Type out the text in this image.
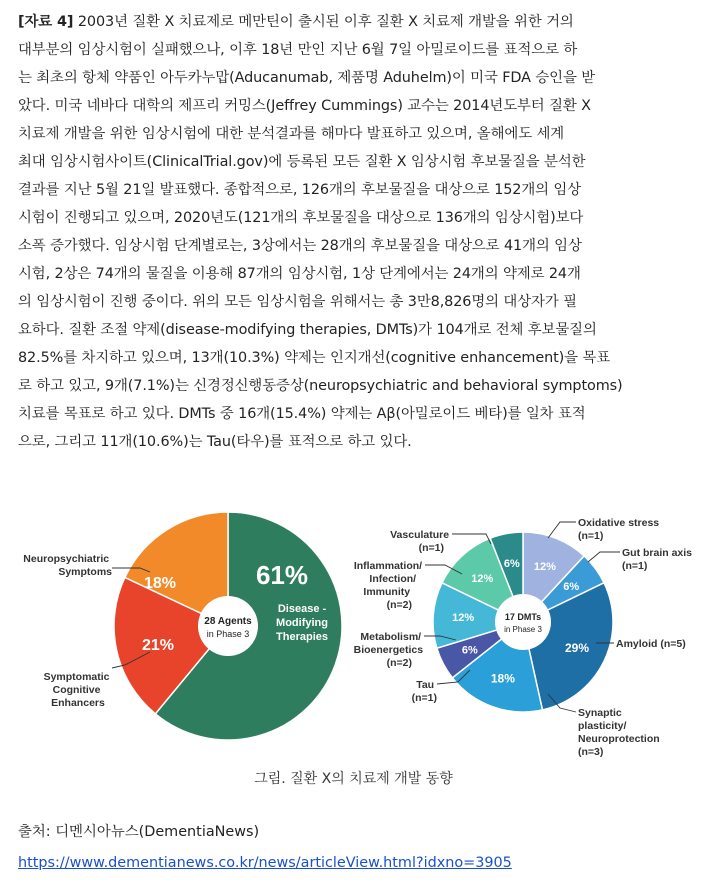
[자료 4] 2003년 질환 X 치료제로 메만틴이 출시된 이후 질환 X 치료제 개발을 위한 거의
대부분의 임상시험이 실패했으나, 이후 18년 만인 지난 6월 7일 아밀로이드를 표적으로 하
는 최초의 항체 약품인 아두카누맙(Aducanumab, 제품명 Aduhelm)이 미국 FDA 승인을 받
았다. 미국 네바다 대학의 제프리 커밍스(Jeffrey Cummings) 교수는 2014년도부터 질환 X
치료제 개발을 위한 임상시험에 대한 분석결과를 해마다 발표하고 있으며, 올해에도 세계
최대 임상시험사이트(ClinicalTrial.gov)에 등록된 모든 질환 X 임상시험 후보물질을 분석한
결과를 지난 5월 21일 발표했다. 종합적으로, 126개의 후보물질을 대상으로 152개의 임상
시험이 진행되고 있으며, 2020년도(121개의 후보물질을 대상으로 136개의 임상시험)보다
소폭 증가했다. 임상시험 단계별로는, 3상에서는 28개의 후보물질을 대상으로 41개의 임상
시험, 2상은 74개의 물질을 이용해 87개의 임상시험, 1상 단계에서는 24개의 약제로 24개
의 임상시험이 진행 중이다. 위의 모든 임상시험을 위해서는 총 3만8,826명의 대상자가 필
요하다. 질환 조절 약제(disease-modifying therapies, DMTs)가 104개로 전체 후보물질의
82.5%를 차지하고 있으며, 13개(10.3%) 약제는 인지개선(cognitive enhancement)을 목표
로 하고 있고, 9개(7.1%)는 신경정신행동증상(neuropsychiatric and behavioral symptoms)
치료를 목표로 하고 있다. DMTs 중 16개(15.4%) 약제는 Aβ(아밀로이드 베타)를 일차 표적
으로, 그리고 11개(10.6%)는 Tau(타우)를 표적으로 하고 있다.
61%
21%
18%
28 Agents
in Phase 3
Disease -
Modifying
Therapies
12%
6%
29%
18%
6%
12%
12%
6%
17 DMTs
in Phase 3
Neuropsychiatric Symptoms
Symptomatic Cognitive Enhancers
Vasculature (n=1)
Inflammation/ Infection/ Immunity (n=2)
Metabolism/ Bioenergetics (n=2)
Tau (n=1)
Oxidative stress (n=1)
Gut brain axis (n=1)
Amyloid (n=5)
Synaptic plasticity/ Neuroprotection (n=3)
그림. 질환 X의 치료제 개발 동향
출처: 디멘시아뉴스(DementiaNews)
https://www.dementianews.co.kr/news/articleView.html?idxno=3905
